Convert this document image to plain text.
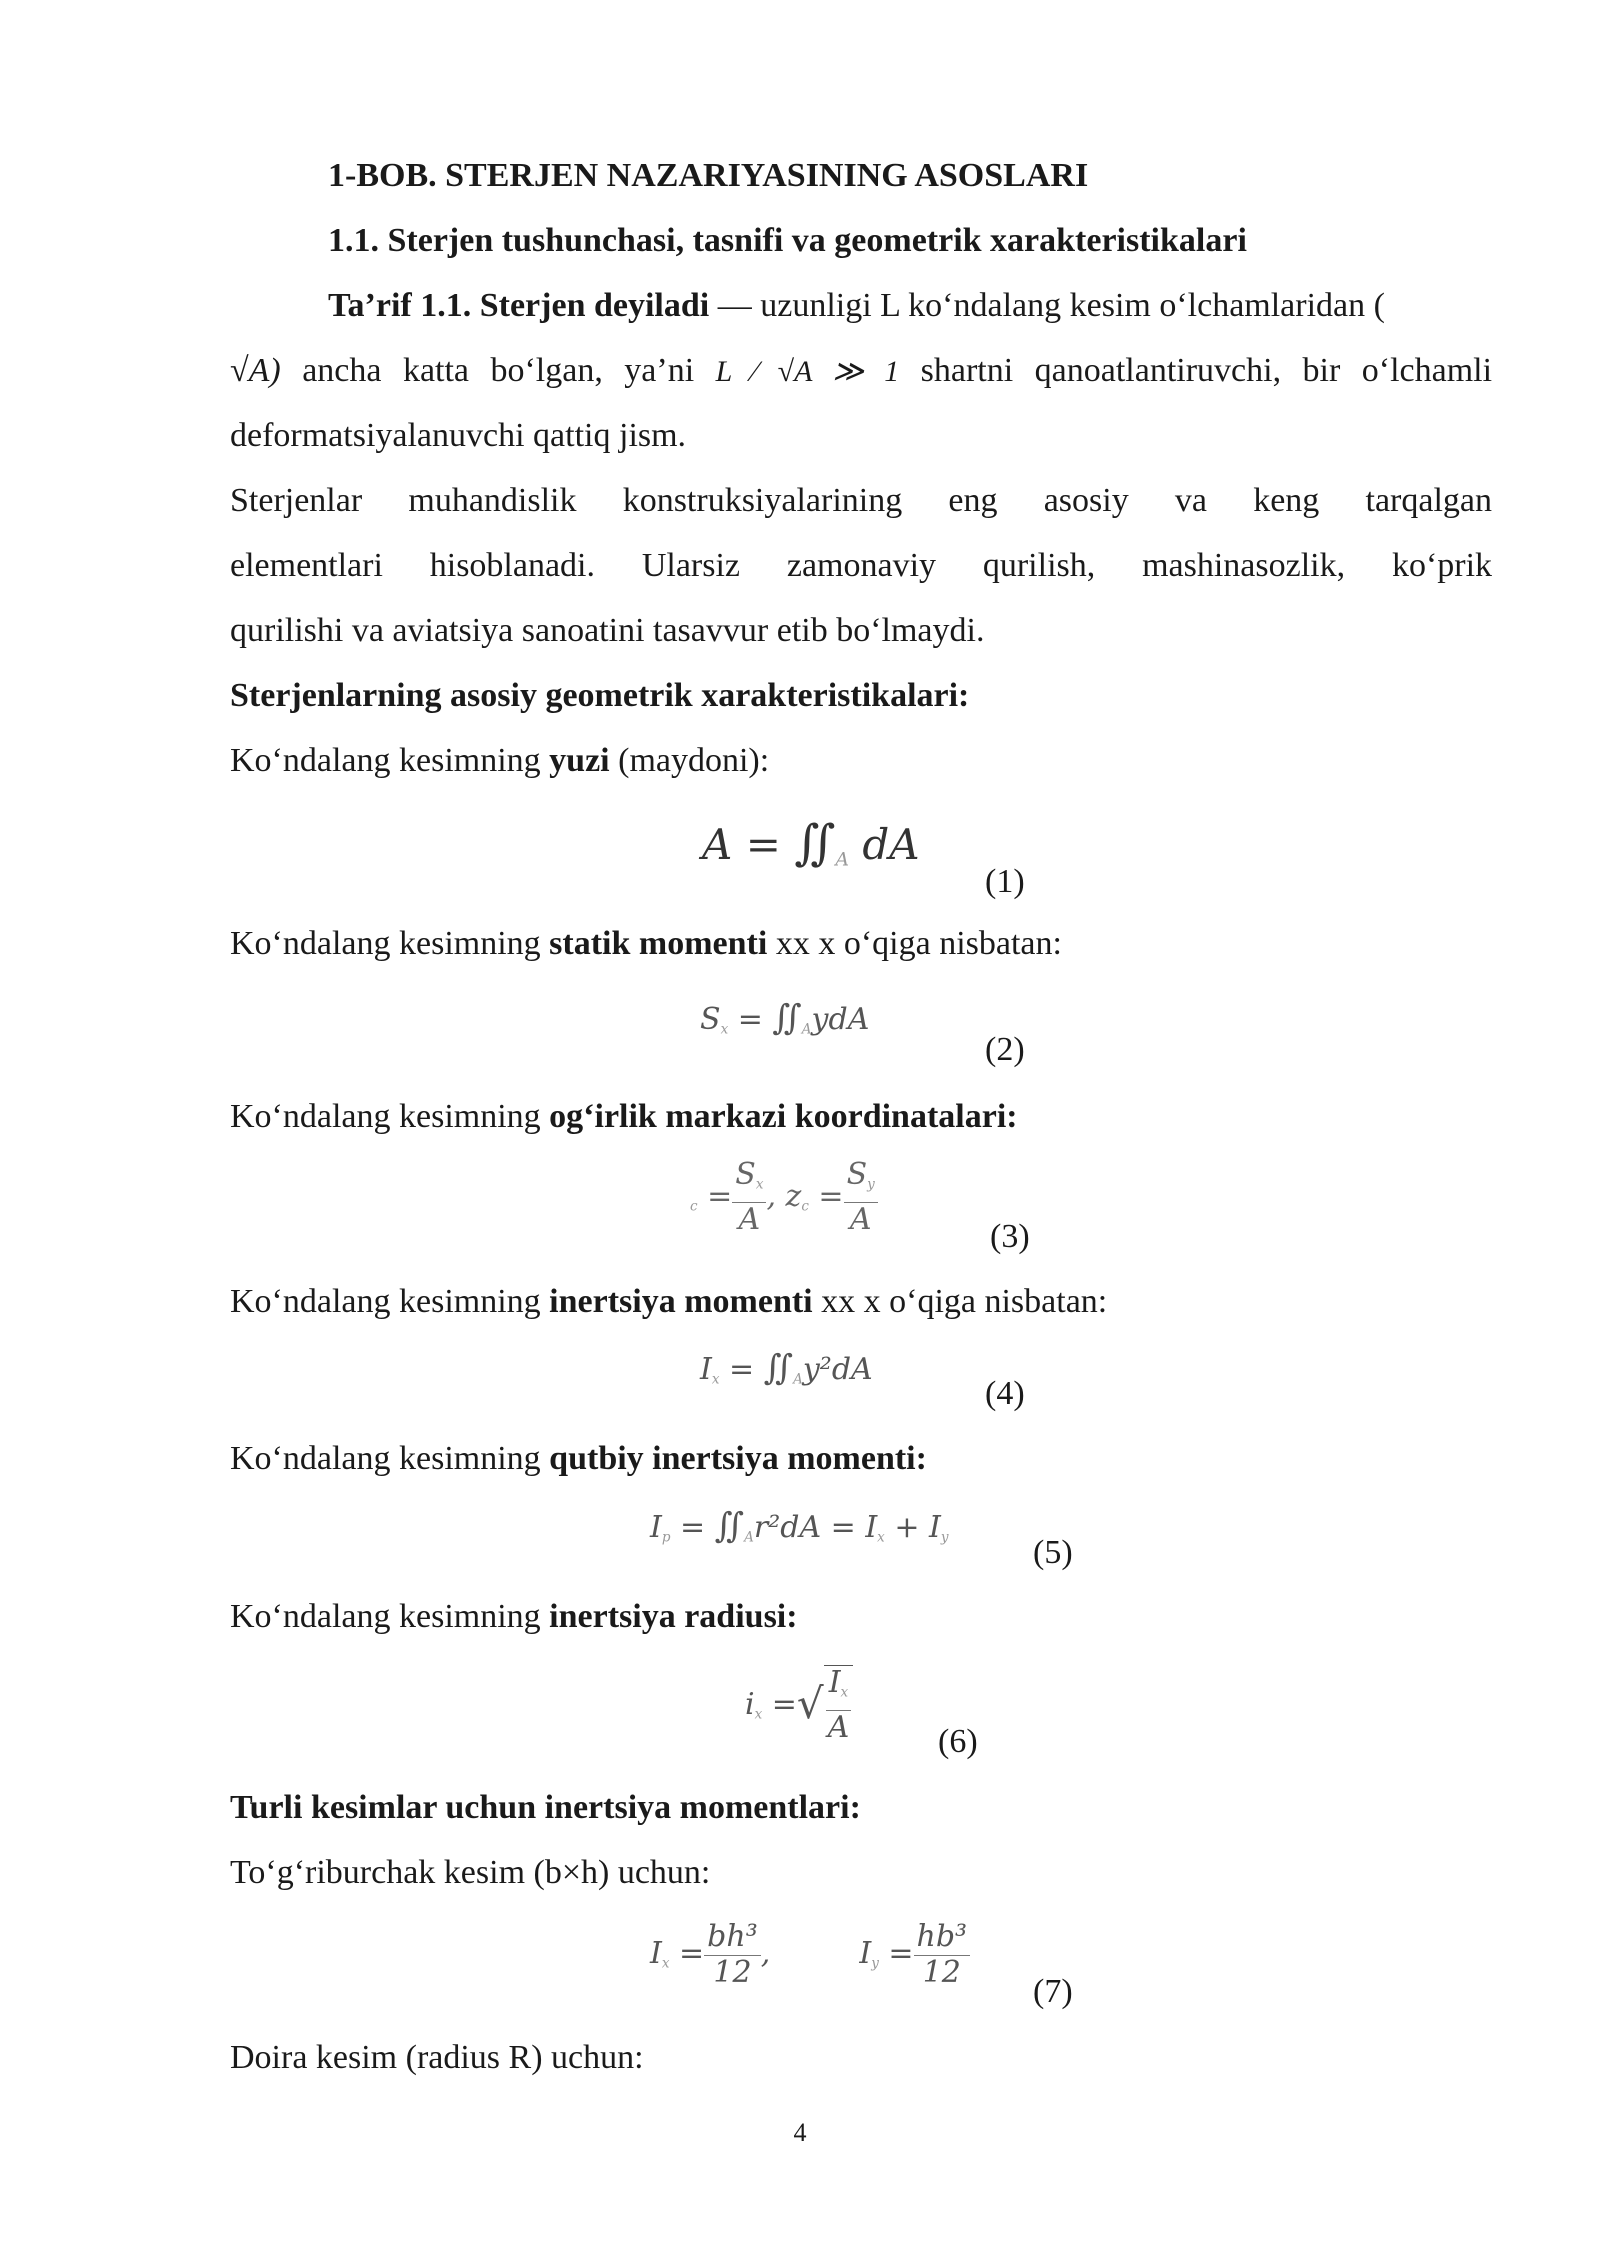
1-BOB. STERJEN NAZARIYASINING ASOSLARI
1.1. Sterjen tushunchasi, tasnifi va geometrik xarakteristikalari
Ta’rif 1.1. Sterjen deyiladi — uzunligi L ko‘ndalang kesim o‘lchamlaridan (
√A) ancha katta bo‘lgan, ya’ni L ⁄ √A ≫ 1 shartni qanoatlantiruvchi, bir o‘lchamli
deformatsiyalanuvchi qattiq jism.
Sterjenlar muhandislik konstruksiyalarining eng asosiy va keng tarqalgan
elementlari hisoblanadi. Ularsiz zamonaviy qurilish, mashinasozlik, ko‘prik
qurilishi va aviatsiya sanoatini tasavvur etib bo‘lmaydi.
Sterjenlarning asosiy geometrik xarakteristikalari:
Ko‘ndalang kesimning yuzi (maydoni):
$A = ∬_A$ dA
(1)
Ko‘ndalang kesimning statik momenti xx x o‘qiga nisbatan:
$S_x$ = $∬_AydA$
(2)
Ko‘ndalang kesimning og‘irlik markazi koordinatalari:
$_c = \frac{S_x}{A}$ , $z_c = \frac{S_y}{A}$	(3)
Ko‘ndalang kesimning inertsiya momenti xx x o‘qiga nisbatan:
$I_x$ = $∬_Ay^2dA$
(4)
Ko‘ndalang kesimning qutbiy inertsiya momenti:
$I_p$ = $∬_Ar^2dA = I_x + I_y$ (5)
Ko‘ndalang kesimning inertsiya radiusi:
$i_x$ =√ $\frac{I_x}{A}$	(6)
Turli kesimlar uchun inertsiya momentlari:
To‘g‘riburchak kesim (b×h) uchun:
$I_x = \frac{\text{bh³}}{12}$ ,  $I_y = \frac{\text{hb³}}{12}$
(7)
Doira kesim (radius R) uchun:
4
